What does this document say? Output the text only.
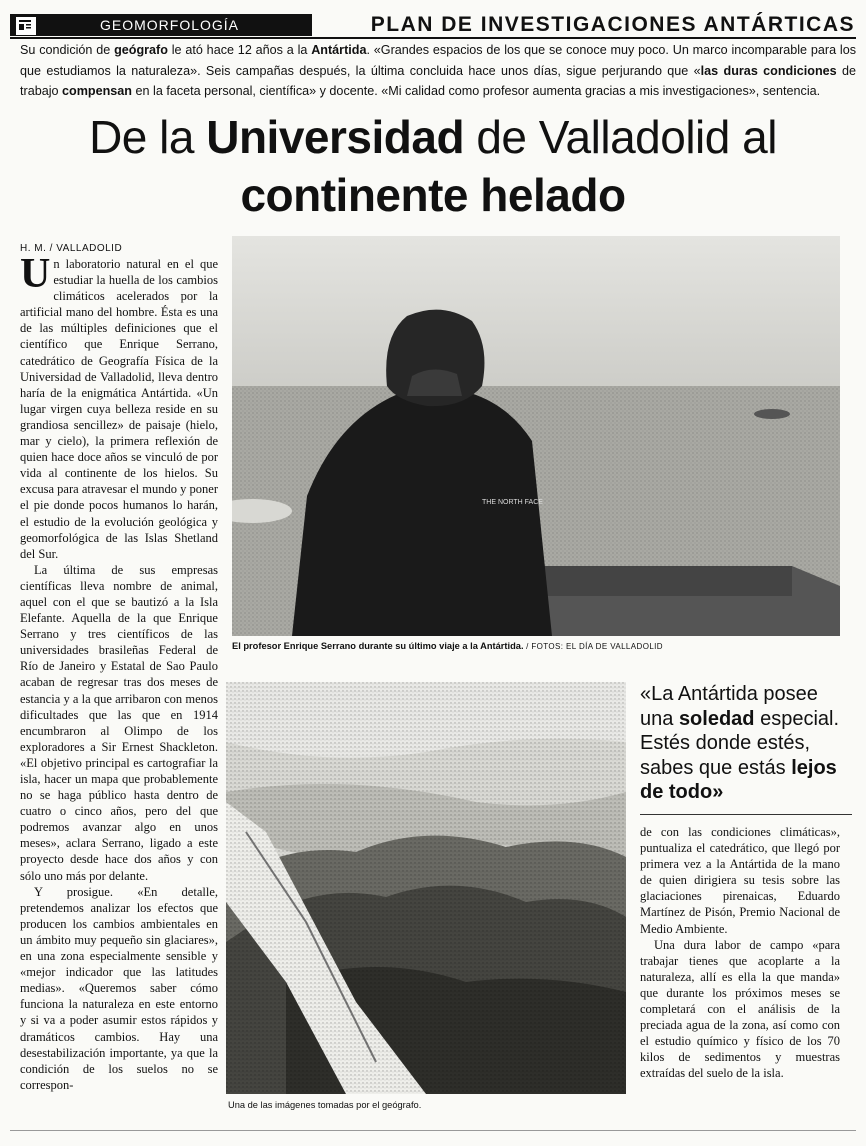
GEOMORFOLOGÍA	PLAN DE INVESTIGACIONES ANTÁRTICAS
Su condición de geógrafo le ató hace 12 años a la Antártida. «Grandes espacios de los que se conoce muy poco. Un marco incomparable para los que estudiamos la naturaleza». Seis campañas después, la última concluida hace unos días, sigue perjurando que «las duras condiciones de trabajo compensan en la faceta personal, científica» y docente. «Mi calidad como profesor aumenta gracias a mis investigaciones», sentencia.
De la Universidad de Valladolid al
continente helado
H. M. / VALLADOLID

Un laboratorio natural en el que estudiar la huella de los cambios climáticos acelerados por la artificial mano del hombre. Ésta es una de las múltiples definiciones que el científico que Enrique Serrano, catedrático de Geografía Física de la Universidad de Valladolid, lleva dentro haría de la enigmática Antártida. «Un lugar virgen cuya belleza reside en su grandiosa sencillez» de paisaje (hielo, mar y cielo), la primera reflexión de quien hace doce años se vinculó de por vida al continente de los hielos. Su excusa para atravesar el mundo y poner el pie donde pocos humanos lo harán, el estudio de la evolución geológica y geomorfológica de las Islas Shetland del Sur.

La última de sus empresas científicas lleva nombre de animal, aquel con el que se bautizó a la Isla Elefante. Aquella de la que Enrique Serrano y tres científicos de las universidades brasileñas Federal de Río de Janeiro y Estatal de Sao Paulo acaban de regresar tras dos meses de estancia y a la que arribaron con menos dificultades que las que en 1914 encumbraron al Olimpo de los exploradores a Sir Ernest Shackleton. «El objetivo principal es cartografiar la isla, hacer un mapa que probablemente no se haga público hasta dentro de cuatro o cinco años, pero del que podremos avanzar algo en unos meses», aclara Serrano, ligado a este proyecto desde hace dos años y con sólo uno más por delante.

Y prosigue. «En detalle, pretendemos analizar los efectos que producen los cambios ambientales en un ámbito muy pequeño sin glaciares», en una zona especialmente sensible y «mejor indicador que las latitudes medias». «Queremos saber cómo funciona la naturaleza en este entorno y si va a poder asumir estos rápidos y dramáticos cambios. Hay una desestabilización importante, ya que la condición de los suelos no se correspon-

THE NORTH FACE
El profesor Enrique Serrano durante su último viaje a la Antártida. / FOTOS: EL DÍA DE VALLADOLID
Una de las imágenes tomadas por el geógrafo.
«La Antártida posee una soledad especial. Estés donde estés, sabes que estás lejos de todo»

de con las condiciones climáticas», puntualiza el catedrático, que llegó por primera vez a la Antártida de la mano de quien dirigiera su tesis sobre las glaciaciones pirenaicas, Eduardo Martínez de Pisón, Premio Nacional de Medio Ambiente.

Una dura labor de campo «para trabajar tienes que acoplarte a la naturaleza, allí es ella la que manda» que durante los próximos meses se completará con el análisis de la preciada agua de la zona, así como con el estudio químico y físico de los 70 kilos de sedimentos y muestras extraídas del suelo de la isla.
